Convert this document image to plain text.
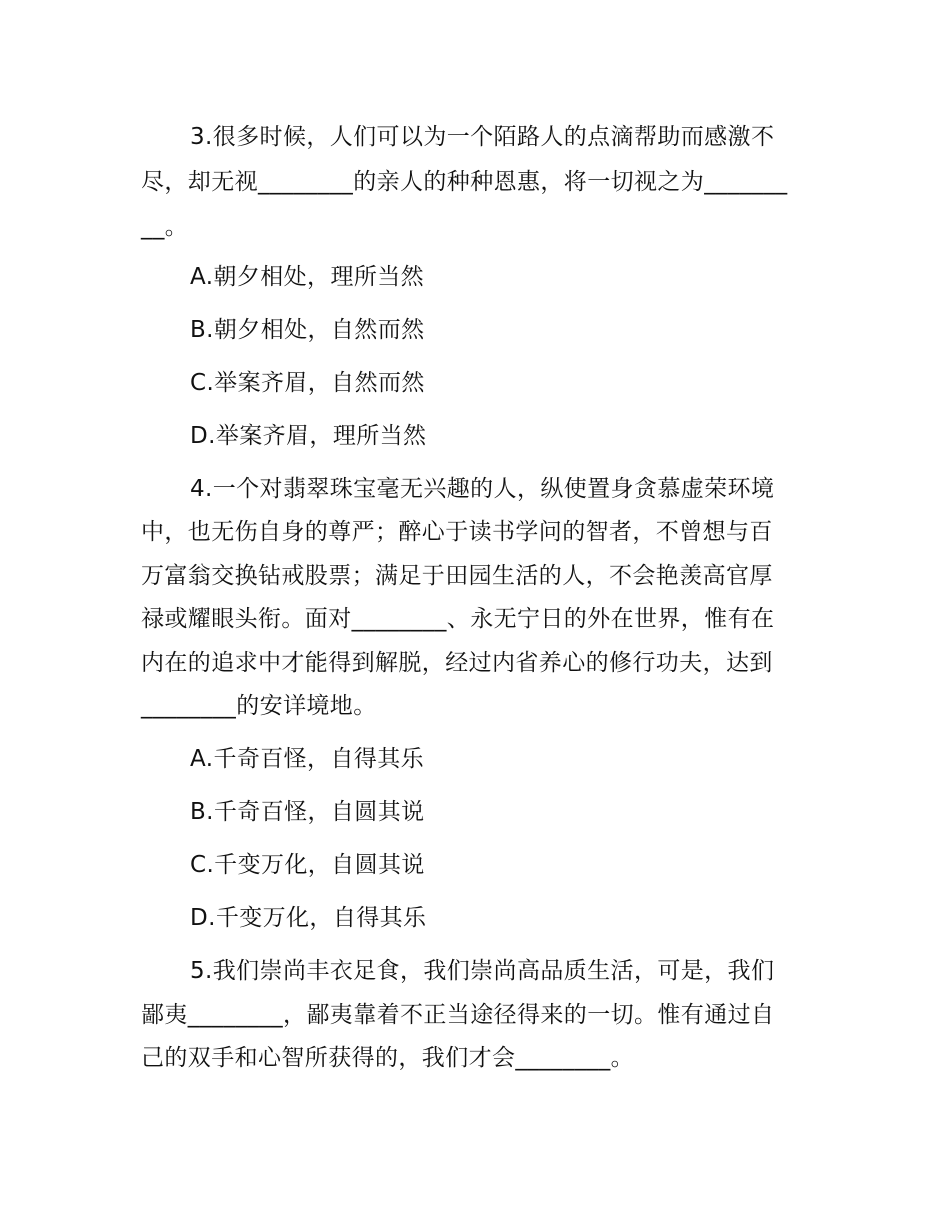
3.很多时候，人们可以为一个陌路人的点滴帮助而感激不
尽，却无视________的亲人的种种恩惠，将一切视之为_______
__。
A.朝夕相处，理所当然
B.朝夕相处，自然而然
C.举案齐眉，自然而然
D.举案齐眉，理所当然
4.一个对翡翠珠宝毫无兴趣的人，纵使置身贪慕虚荣环境
中，也无伤自身的尊严；醉心于读书学问的智者，不曾想与百
万富翁交换钻戒股票；满足于田园生活的人，不会艳羡高官厚
禄或耀眼头衔。面对________、永无宁日的外在世界，惟有在
内在的追求中才能得到解脱，经过内省养心的修行功夫，达到
________的安详境地。
A.千奇百怪，自得其乐
B.千奇百怪，自圆其说
C.千变万化，自圆其说
D.千变万化，自得其乐
5.我们崇尚丰衣足食，我们崇尚高品质生活，可是，我们
鄙夷________，鄙夷靠着不正当途径得来的一切。惟有通过自
己的双手和心智所获得的，我们才会________。
